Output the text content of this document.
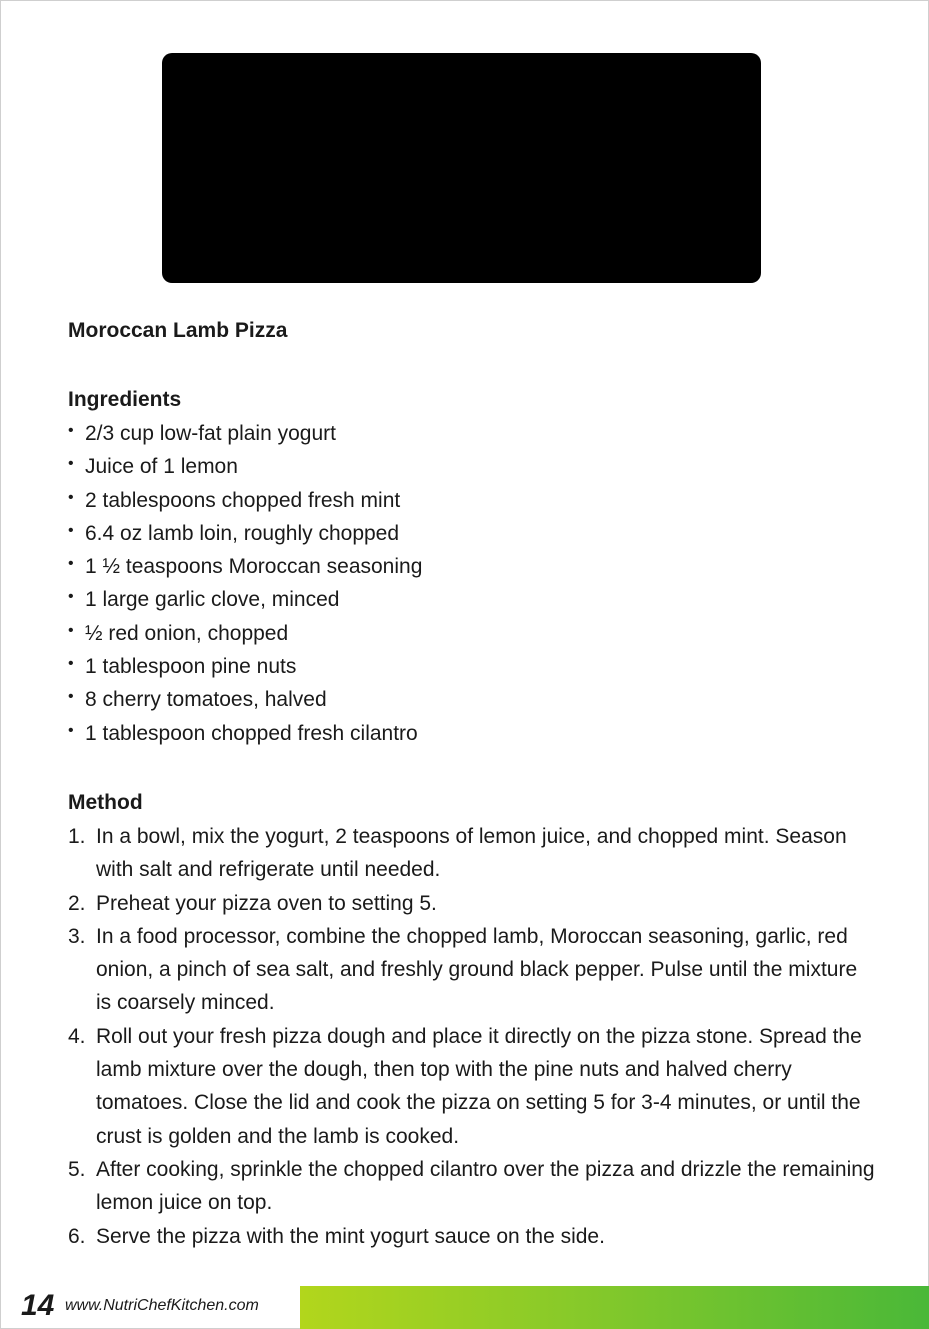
Moroccan Lamb Pizza
Ingredients
• 2/3 cup low-fat plain yogurt
• Juice of 1 lemon
• 2 tablespoons chopped fresh mint
• 6.4 oz lamb loin, roughly chopped
• 1 ½ teaspoons Moroccan seasoning
• 1 large garlic clove, minced
• ½ red onion, chopped
• 1 tablespoon pine nuts
• 8 cherry tomatoes, halved
• 1 tablespoon chopped fresh cilantro
Method
1. In a bowl, mix the yogurt, 2 teaspoons of lemon juice, and chopped mint. Season with salt and refrigerate until needed.
2. Preheat your pizza oven to setting 5.
3. In a food processor, combine the chopped lamb, Moroccan seasoning, garlic, red onion, a pinch of sea salt, and freshly ground black pepper. Pulse until the mixture is coarsely minced.
4. Roll out your fresh pizza dough and place it directly on the pizza stone. Spread the lamb mixture over the dough, then top with the pine nuts and halved cherry tomatoes. Close the lid and cook the pizza on setting 5 for 3-4 minutes, or until the crust is golden and the lamb is cooked.
5. After cooking, sprinkle the chopped cilantro over the pizza and drizzle the remaining lemon juice on top.
6. Serve the pizza with the mint yogurt sauce on the side.
14 www.NutriChefKitchen.com
